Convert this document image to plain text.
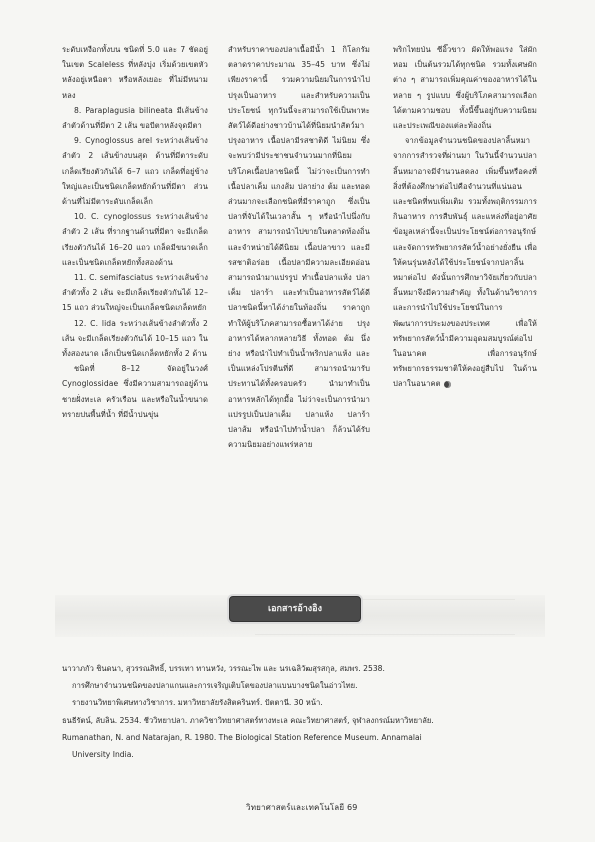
ระดับเหงือกทั้งบน ชนิดที่ 5.0 และ 7 ชัดอยู่ในเขต Scaleless ที่หลังบุ่ง เริ่มด้วยเขตหัว หลังอยู่เหนือตา หรือหลังเยอะ ที่ไม่มีหนามหลง

8. Paraplagusia bilineata มีเส้นข้างลำตัวด้านที่มีตา 2 เส้น ขอบีตาหลังจุดมีตา

9. Cynoglossus arel ระหว่างเส้นข้างลำตัว 2 เส้นข้างบนสุด ด้านที่มีตาระดับเกล็ดเรียงตัวกันได้ 6–7 แถว เกล็ดที่อยู่ข้างใหญ่และเป็นชนิดเกล็ดหยักด้านที่มีตา ส่วนด้านที่ไม่มีตาระดับเกล็ดเล็ก

10. C. cynoglossus ระหว่างเส้นข้างลำตัว 2 เส้น ที่รากฐานด้านที่มีตา จะมีเกล็ดเรียงตัวกันได้ 16–20 แถว เกล็ดมีขนาดเล็ก และเป็นชนิดเกล็ดหยักทั้งสองด้าน

11. C. semifasciatus ระหว่างเส้นข้างลำตัวทั้ง 2 เส้น จะมีเกล็ดเรียงตัวกันได้ 12–15 แถว ส่วนใหญ่จะเป็นเกล็ดชนิดเกล็ดหยัก

12. C. lida ระหว่างเส้นข้างลำตัวทั้ง 2 เส้น จะมีเกล็ดเรียงตัวกันได้ 10–15 แถว ในทั้งสองนาด เล็กเป็นชนิดเกล็ดหยักทั้ง 2 ด้าน

ชนิดที่ 8–12 จัดอยู่ในวงศ์ Cynoglossidae ซึ่งมีความสามารถอยู่ด้านชายฝั่งทะเล ครัวเรือน และหรือในน้ำขนาดทรายปนพื้นที่น้ำ ที่มีน้ำปนขุ่น

สำหรับราคาของปลาเนื้อมีน้ำ 1 กิโลกรัม ตลาดราคาประมาณ 35–45 บาท ซึ่งไม่เพียงราคานี้ รวมความนิยมในการนำไปปรุงเป็นอาหาร และสำหรับความเป็นประโยชน์ ทุกวันนี้จะสามารถใช้เป็นพาหะสัตว์ได้ดีอย่างชาวบ้านได้ที่นิยมนำสัตว์มาปรุงอาหาร เนื้อปลามีรสชาติดี ไม่นิยม ซึ่งจะพบว่ามีประชาชนจำนวนมากที่นิยมบริโภคเนื้อปลาชนิดนี้ ไม่ว่าจะเป็นการทำเนื้อปลาเค็ม แกงส้ม ปลาย่าง ต้ม และทอด ส่วนมากจะเลือกชนิดที่มีราคาถูก ซึ่งเป็นปลาที่จับได้ในเวลาสั้น ๆ หรือนำไปนึ่งกับอาหาร สามารถนำไปขายในตลาดท้องถิ่นและจำหน่ายได้ดีนิยม เนื้อปลาขาว และมีรสชาติอร่อย เนื้อปลามีความละเอียดอ่อน สามารถนำมาแปรรูป ทำเนื้อปลาแห้ง ปลาเค็ม ปลาร้า และทำเป็นอาหารสัตว์ได้ดี ปลาชนิดนี้หาได้ง่ายในท้องถิ่น ราคาถูก ทำให้ผู้บริโภคสามารถซื้อหาได้ง่าย ปรุงอาหารได้หลากหลายวิธี ทั้งทอด ต้ม นึ่ง ย่าง หรือนำไปทำเป็นน้ำพริกปลาแห้ง และเป็นแหล่งโปรตีนที่ดี สามารถนำมารับประทานได้ทั้งครอบครัว นำมาทำเป็นอาหารหลักได้ทุกมื้อ ไม่ว่าจะเป็นการนำมาแปรรูปเป็นปลาเค็ม ปลาแห้ง ปลาร้า ปลาส้ม หรือนำไปทำน้ำปลา ก็ล้วนได้รับความนิยมอย่างแพร่หลาย

พริกไทยป่น ซีอิ๊วขาว ผัดให้พอแรง ใส่ผักหอม เป็นต้นรวมได้ทุกชนิด รวมทั้งเศษผักต่าง ๆ สามารถเพิ่มคุณค่าของอาหารได้ในหลาย ๆ รูปแบบ ซึ่งผู้บริโภคสามารถเลือกได้ตามความชอบ ทั้งนี้ขึ้นอยู่กับความนิยมและประเพณีของแต่ละท้องถิ่น

จากข้อมูลจำนวนชนิดของปลาลิ้นหมาจากการสำรวจที่ผ่านมา ในวันนี้จำนวนปลาลิ้นหมาอาจมีจำนวนลดลง เพิ่มขึ้นหรือคงที่ สิ่งที่ต้องศึกษาต่อไปคือจำนวนที่แน่นอน และชนิดที่พบเพิ่มเติม รวมทั้งพฤติกรรมการกินอาหาร การสืบพันธุ์ และแหล่งที่อยู่อาศัย ข้อมูลเหล่านี้จะเป็นประโยชน์ต่อการอนุรักษ์และจัดการทรัพยากรสัตว์น้ำอย่างยั่งยืน เพื่อให้คนรุ่นหลังได้ใช้ประโยชน์จากปลาลิ้นหมาต่อไป ดังนั้นการศึกษาวิจัยเกี่ยวกับปลาลิ้นหมาจึงมีความสำคัญ ทั้งในด้านวิชาการและการนำไปใช้ประโยชน์ในการพัฒนาการประมงของประเทศ เพื่อให้ทรัพยากรสัตว์น้ำมีความอุดมสมบูรณ์ต่อไปในอนาคต เพื่อการอนุรักษ์ทรัพยากรธรรมชาติให้คงอยู่สืบไป ในด้านปลาในอนาคต

เอกสารอ้างอิง
นาวาภกัว ชินดนา, สุวรรณสิทธิ์, บรรเทา ทานหวัง, วรรณะไพ และ นรเฉลิวัฒสุรสกุล, สมพร. 2538.
การศึกษาจำนวนชนิดของปลาแกนและการเจริญเติบโตของปลาแบนบางชนิดในอ่าวไทย.
รายงานวิทยาพิเศษทางวิชาการ. มหาวิทยาลัยรังสิตครินทร์. ปัตตานี. 30 หน้า.
ธนธีรัตน์, ลับลิน. 2534. ชีววิทยาปลา. ภาควิชาวิทยาศาสตร์ทางทะเล คณะวิทยาศาสตร์, จุฬาลงกรณ์มหาวิทยาลัย.
Rumanathan, N. and Natarajan, R. 1980. The Biological Station Reference Museum. Annamalai
University India.
วิทยาศาสตร์และเทคโนโลยี 69
